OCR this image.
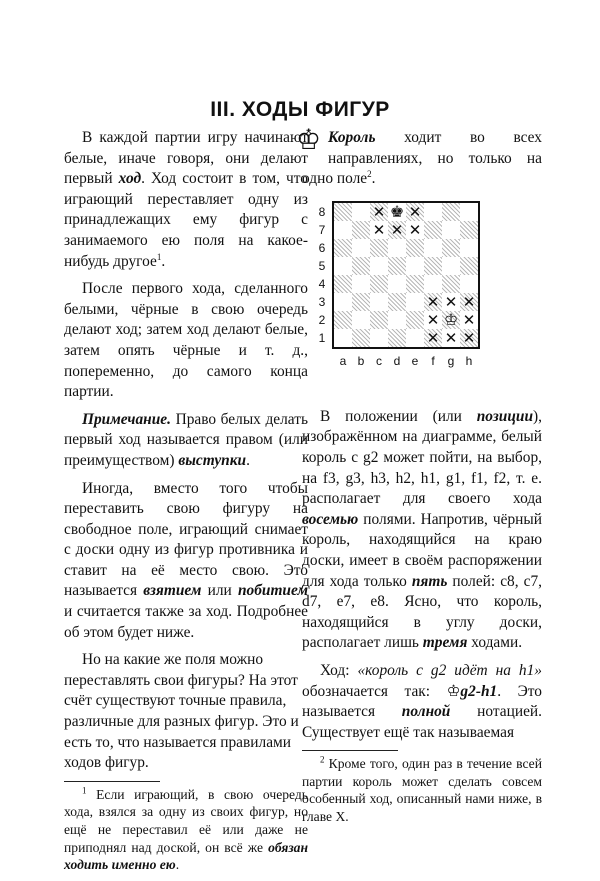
III. ХОДЫ ФИГУР

В каждой партии игру начинают белые, иначе говоря, они делают первый ход. Ход состоит в том, что играющий переставляет одну из принадлежащих ему фигур с занимаемого ею поля на какое-нибудь другое$^1$.

После первого хода, сделанного белыми, чёрные в свою очередь делают ход; затем ход делают белые, затем опять чёрные и т. д., попеременно, до самого конца партии.

Примечание. Право белых делать первый ход называется правом (или преимуществом) выступки.

Иногда, вместо того чтобы переставить свою фигуру на свободное поле, играющий снимает с доски одну из фигур противника и ставит на её место свою. Это называется взятием или побитием и считается также за ход. Подробнее об этом будет ниже.

Но на какие же поля можно переставлять свои фигуры? На этот счёт существуют точные правила, различные для разных фигур. Это и есть то, что называется правилами ходов фигур.

$^1$ Если играющий, в свою очередь хода, взялся за одну из своих фигур, но ещё не переставил её или даже не приподнял над доской, он всё же обязан ходить именно ею.

♔ Король ходит во всех направлениях, но только на одно поле$^2$.

8
7
6
5
4
3
2
1
✕ ♚ ✕
✕ ✕ ✕
✕ ✕ ✕
✕ ♔ ✕
✕ ✕ ✕
a b c d e	f	g h

В положении (или позиции), изображённом на диаграмме, белый король с g2 может пойти, на выбор, на f3, g3, h3, h2, h1, g1, f1, f2, т. е. располагает для своего хода восемью полями. Напротив, чёрный король, находящийся на краю доски, имеет в своём распоряжении для хода только пять полей: c8, c7, d7, e7, e8. Ясно, что король, находящийся в углу доски, располагает лишь тремя ходами.

Ход: «король с g2 идёт на h1» обозначается так: ♔g2-h1. Это называется полной нотацией. Существует ещё так называемая

$^2$ Кроме того, один раз в течение всей партии король может сделать совсем особенный ход, описанный нами ниже, в главе X.
